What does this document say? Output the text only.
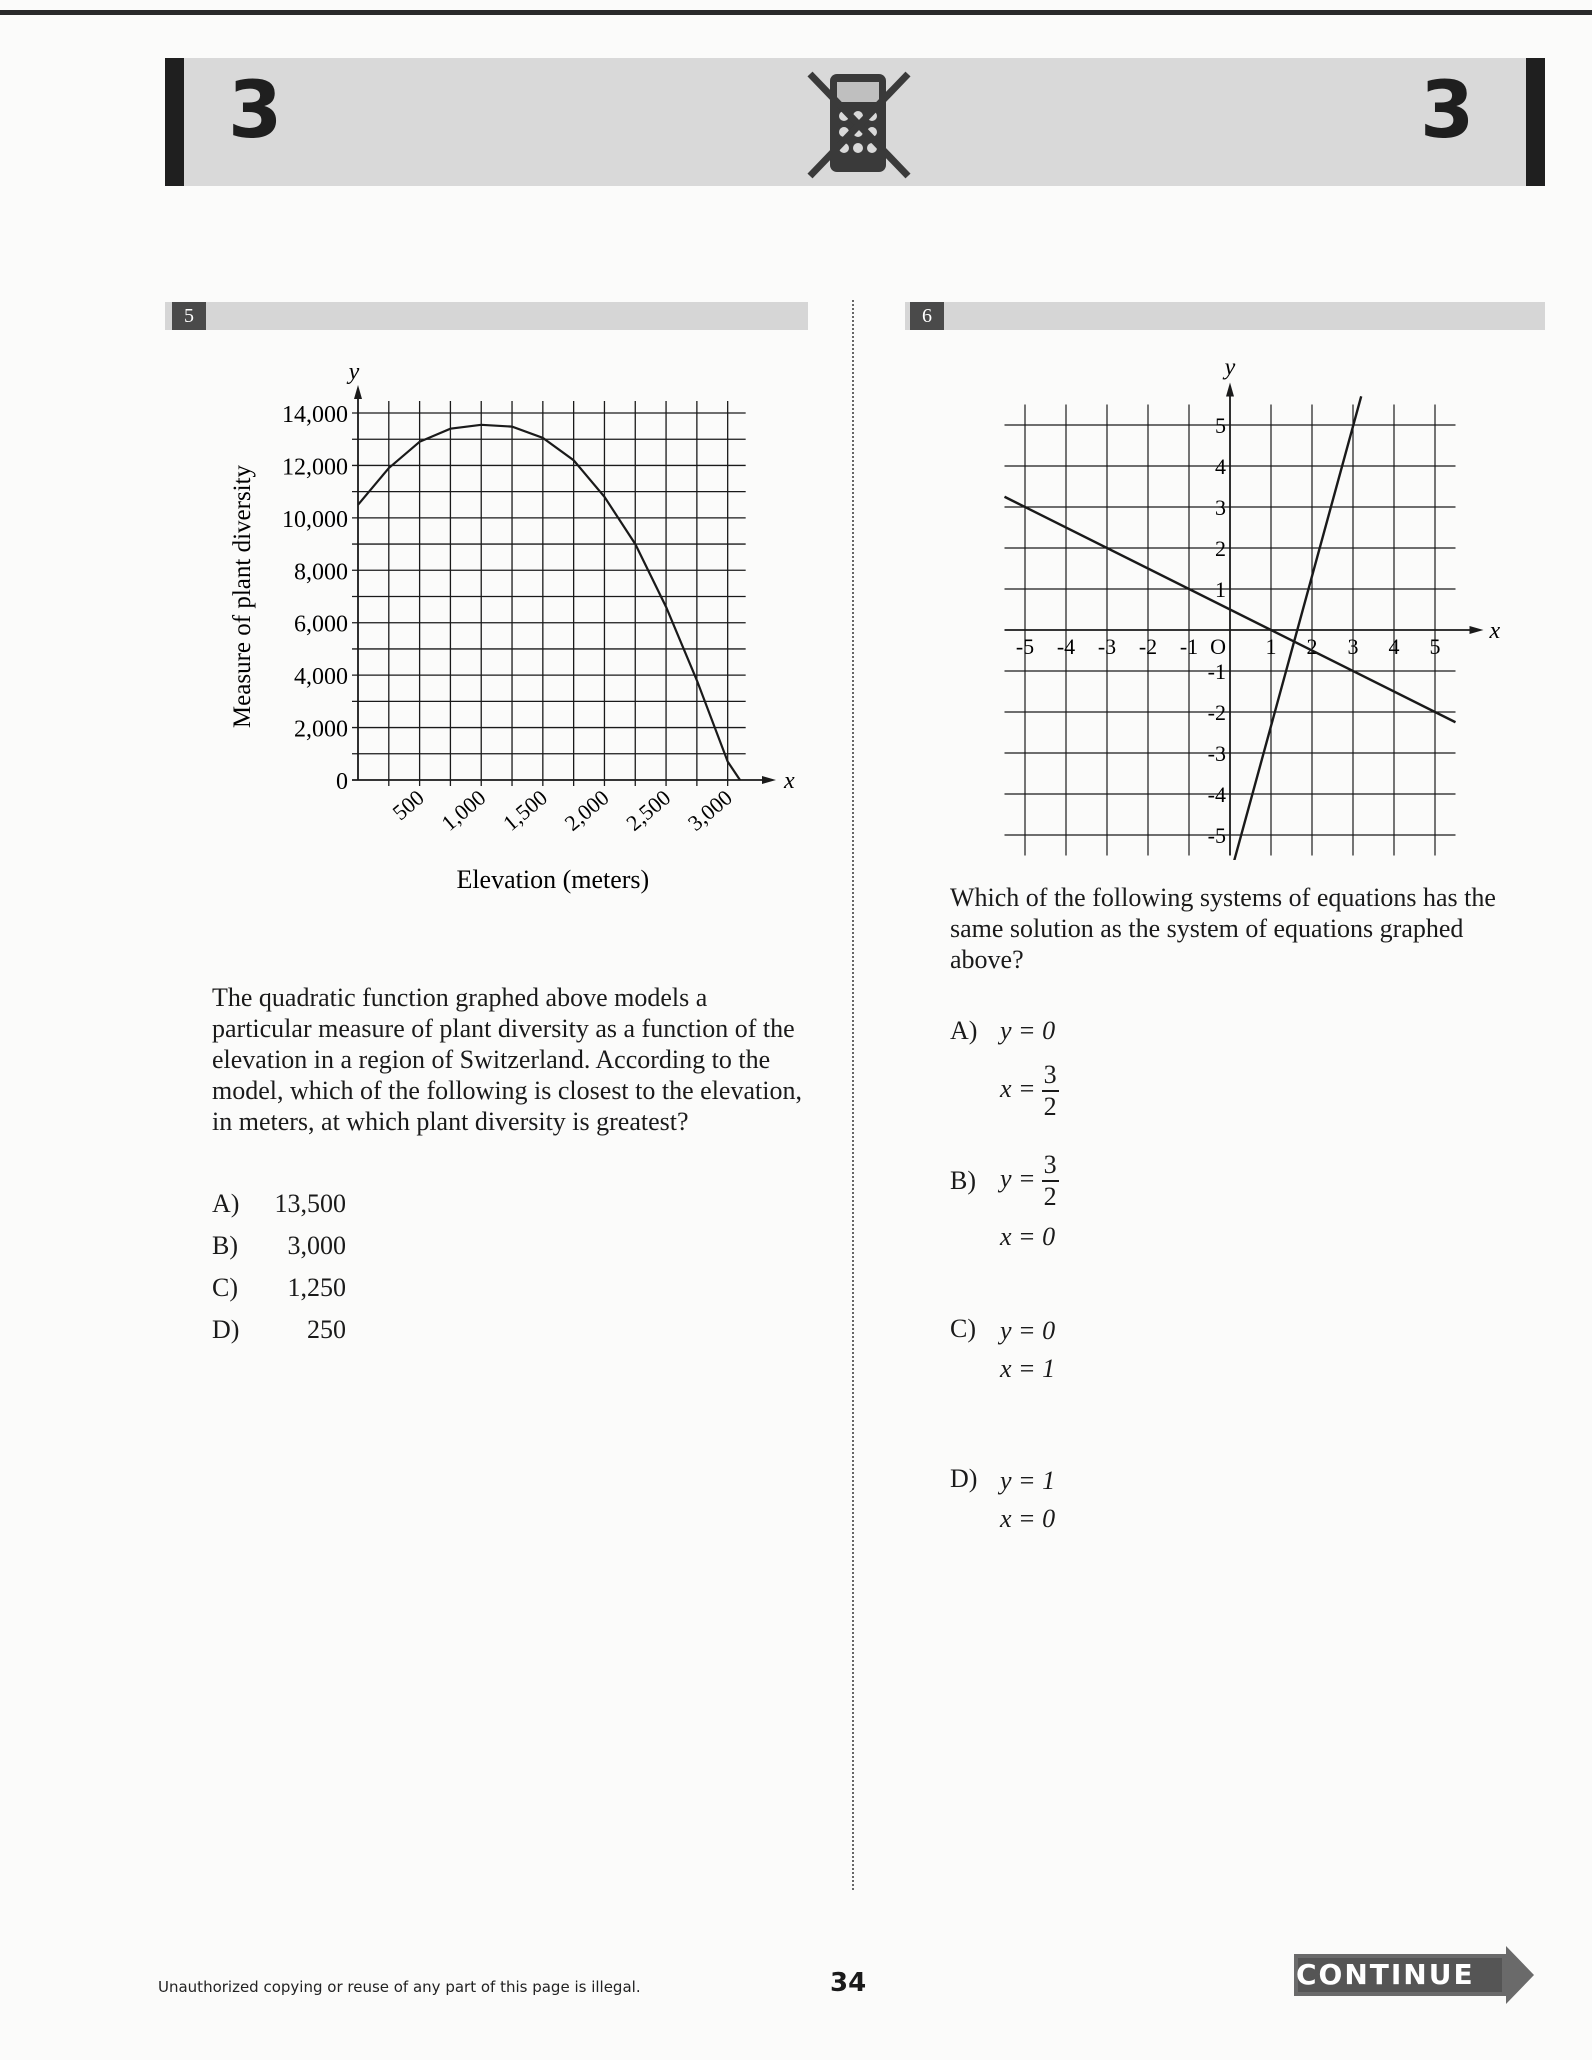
3	3
5
y
x
0
2,000
4,000
6,000
8,000
10,000
12,000
14,000
500 1,000 1,500 2,000 2,500 3,000
Measure of plant diversity
Elevation (meters)
The quadratic function graphed above models a particular measure of plant diversity as a function of the elevation in a region of Switzerland. According to the model, which of the following is closest to the elevation, in meters, at which plant diversity is greatest?
A) 13,500
B) 3,000
C) 1,250
D)	250
6
x
y
O
-5 -4 -3 -2 -1	1 2 3 4 5
-5
-4
-3
-2
-1
1
2
3
4
5
Which of the following systems of equations has the same solution as the system of equations graphed above?
A) y = 0
$x = \frac{3}{2}$
B) $y = \frac{3}{2}$
x = 0
C) y = 0
x = 1
D) y = 1
x = 0
Unauthorized copying or reuse of any part of this page is illegal.	34	CONTINUE
